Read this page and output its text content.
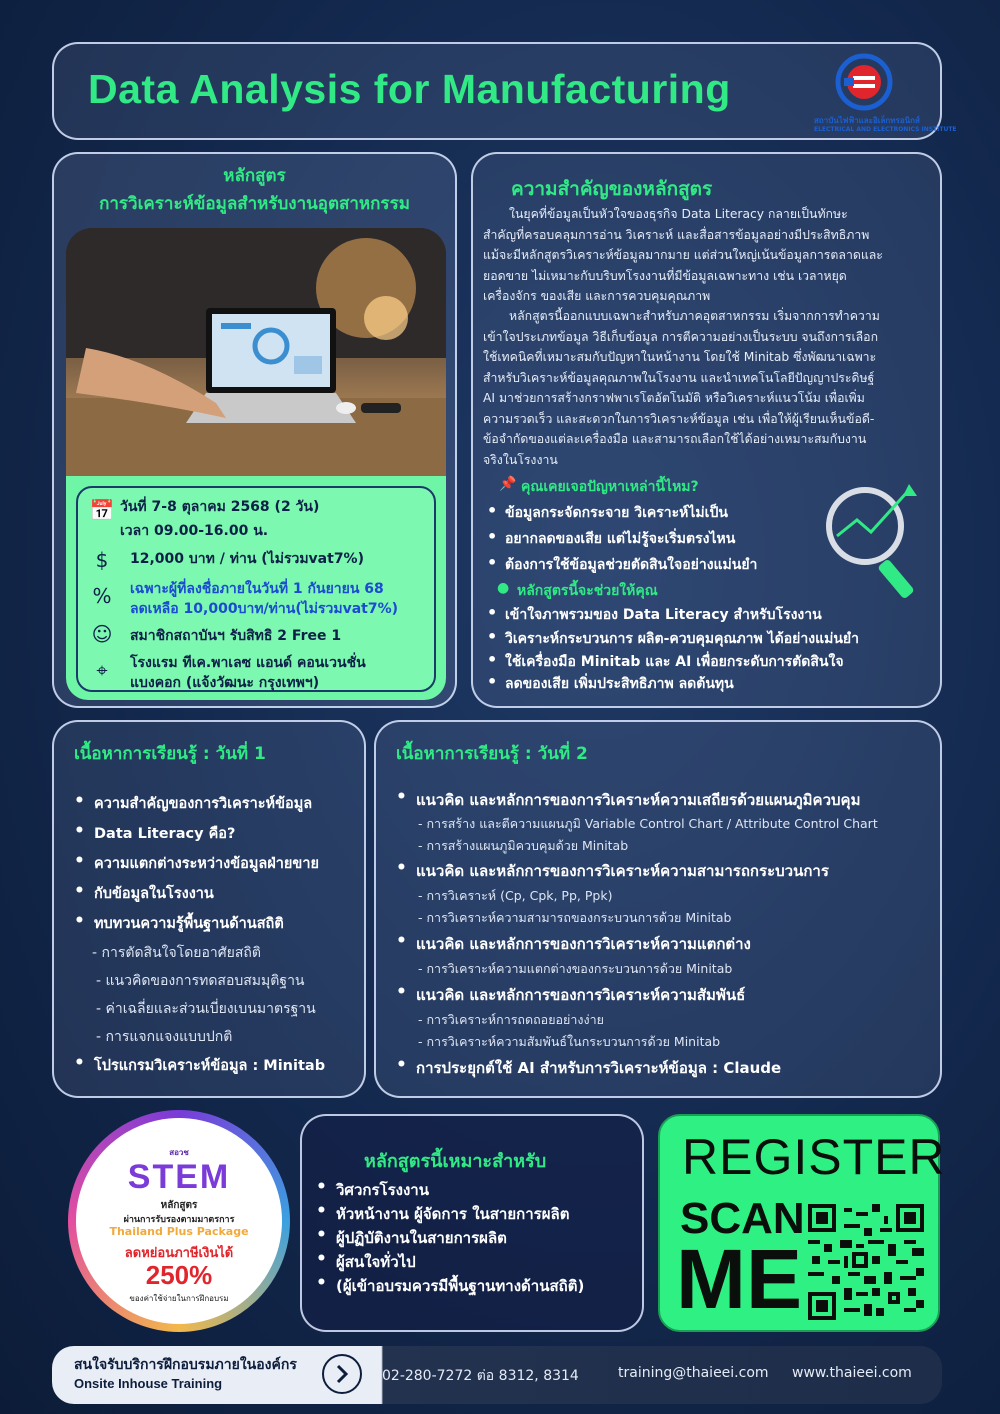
Data Analysis for Manufacturing
สถาบันไฟฟ้าและอิเล็กทรอนิกส์
ELECTRICAL AND ELECTRONICS INSTITUTE
หลักสูตร
การวิเคราะห์ข้อมูลสำหรับงานอุตสาหกรรม
📅 วันที่ 7-8 ตุลาคม 2568 (2 วัน)
เวลา 09.00-16.00 น.
$	12,000 บาท / ท่าน (ไม่รวมvat7%)
%	เฉพาะผู้ที่ลงชื่อภายในวันที่ 1 กันยายน 68
ลดเหลือ 10,000บาท/ท่าน(ไม่รวมvat7%)
☺ สมาชิกสถาบันฯ รับสิทธิ 2 Free 1
⌖	โรงแรม ทีเค.พาเลซ แอนด์ คอนเวนชั่น
แบงคอก (แจ้งวัฒนะ กรุงเทพฯ)
ความสำคัญของหลักสูตร
ในยุคที่ข้อมูลเป็นหัวใจของธุรกิจ Data Literacy กลายเป็นทักษะ
สำคัญที่ครอบคลุมการอ่าน วิเคราะห์ และสื่อสารข้อมูลอย่างมีประสิทธิภาพ
แม้จะมีหลักสูตรวิเคราะห์ข้อมูลมากมาย แต่ส่วนใหญ่เน้นข้อมูลการตลาดและ
ยอดขาย ไม่เหมาะกับบริบทโรงงานที่มีข้อมูลเฉพาะทาง เช่น เวลาหยุด
เครื่องจักร ของเสีย และการควบคุมคุณภาพ
หลักสูตรนี้ออกแบบเฉพาะสำหรับภาคอุตสาหกรรม เริ่มจากการทำความ
เข้าใจประเภทข้อมูล วิธีเก็บข้อมูล การตีความอย่างเป็นระบบ จนถึงการเลือก
ใช้เทคนิคที่เหมาะสมกับปัญหาในหน้างาน โดยใช้ Minitab ซึ่งพัฒนาเฉพาะ
สำหรับวิเคราะห์ข้อมูลคุณภาพในโรงงาน และนำเทคโนโลยีปัญญาประดิษฐ์
AI มาช่วยการสร้างกราฟพาเรโตอัตโนมัติ หรือวิเคราะห์แนวโน้ม เพื่อเพิ่ม
ความรวดเร็ว และสะดวกในการวิเคราะห์ข้อมูล เช่น เพื่อให้ผู้เรียนเห็นข้อดี-
ข้อจำกัดของแต่ละเครื่องมือ และสามารถเลือกใช้ได้อย่างเหมาะสมกับงาน
จริงในโรงงาน
📌 คุณเคยเจอปัญหาเหล่านี้ไหม?
• ข้อมูลกระจัดกระจาย วิเคราะห์ไม่เป็น
• อยากลดของเสีย แต่ไม่รู้จะเริ่มตรงไหน
• ต้องการใช้ข้อมูลช่วยตัดสินใจอย่างแม่นยำ
● หลักสูตรนี้จะช่วยให้คุณ
• เข้าใจภาพรวมของ Data Literacy สำหรับโรงงาน
• วิเคราะห์กระบวนการ ผลิต-ควบคุมคุณภาพ ได้อย่างแม่นยำ
• ใช้เครื่องมือ Minitab และ AI เพื่อยกระดับการตัดสินใจ
• ลดของเสีย เพิ่มประสิทธิภาพ ลดต้นทุน
เนื้อหาการเรียนรู้ : วันที่ 1
• ความสำคัญของการวิเคราะห์ข้อมูล
• Data Literacy คือ?
• ความแตกต่างระหว่างข้อมูลฝ่ายขาย
• กับข้อมูลในโรงงาน
• ทบทวนความรู้พื้นฐานด้านสถิติ
- การตัดสินใจโดยอาศัยสถิติ
- แนวคิดของการทดสอบสมมุติฐาน
- ค่าเฉลี่ยและส่วนเบี่ยงเบนมาตรฐาน
- การแจกแจงแบบปกติ
• โปรแกรมวิเคราะห์ข้อมูล : Minitab
เนื้อหาการเรียนรู้ : วันที่ 2
• แนวคิด และหลักการของการวิเคราะห์ความเสถียรด้วยแผนภูมิควบคุม
- การสร้าง และตีความแผนภูมิ Variable Control Chart / Attribute Control Chart
- การสร้างแผนภูมิควบคุมด้วย Minitab
• แนวคิด และหลักการของการวิเคราะห์ความสามารถกระบวนการ
- การวิเคราะห์ (Cp, Cpk, Pp, Ppk)
- การวิเคราะห์ความสามารถของกระบวนการด้วย Minitab
• แนวคิด และหลักการของการวิเคราะห์ความแตกต่าง
- การวิเคราะห์ความแตกต่างของกระบวนการด้วย Minitab
• แนวคิด และหลักการของการวิเคราะห์ความสัมพันธ์
- การวิเคราะห์การถดถอยอย่างง่าย
- การวิเคราะห์ความสัมพันธ์ในกระบวนการด้วย Minitab
• การประยุกต์ใช้ AI สำหรับการวิเคราะห์ข้อมูล : Claude
สอวช
STEM
หลักสูตร
ผ่านการรับรองตามมาตรการ
Thailand Plus Package
ลดหย่อนภาษีเงินได้
250%
ของค่าใช้จ่ายในการฝึกอบรม
หลักสูตรนี้เหมาะสำหรับ
• วิศวกรโรงงาน
• หัวหน้างาน ผู้จัดการ ในสายการผลิต
• ผู้ปฏิบัติงานในสายการผลิต
• ผู้สนใจทั่วไป
• (ผู้เข้าอบรมควรมีพื้นฐานทางด้านสถิติ)
REGISTER
SCAN
ME
สนใจรับบริการฝึกอบรมภายในองค์กร
Onsite Inhouse Training	02-280-7272 ต่อ 8312, 8314	training@thaieei.com www.thaieei.com
